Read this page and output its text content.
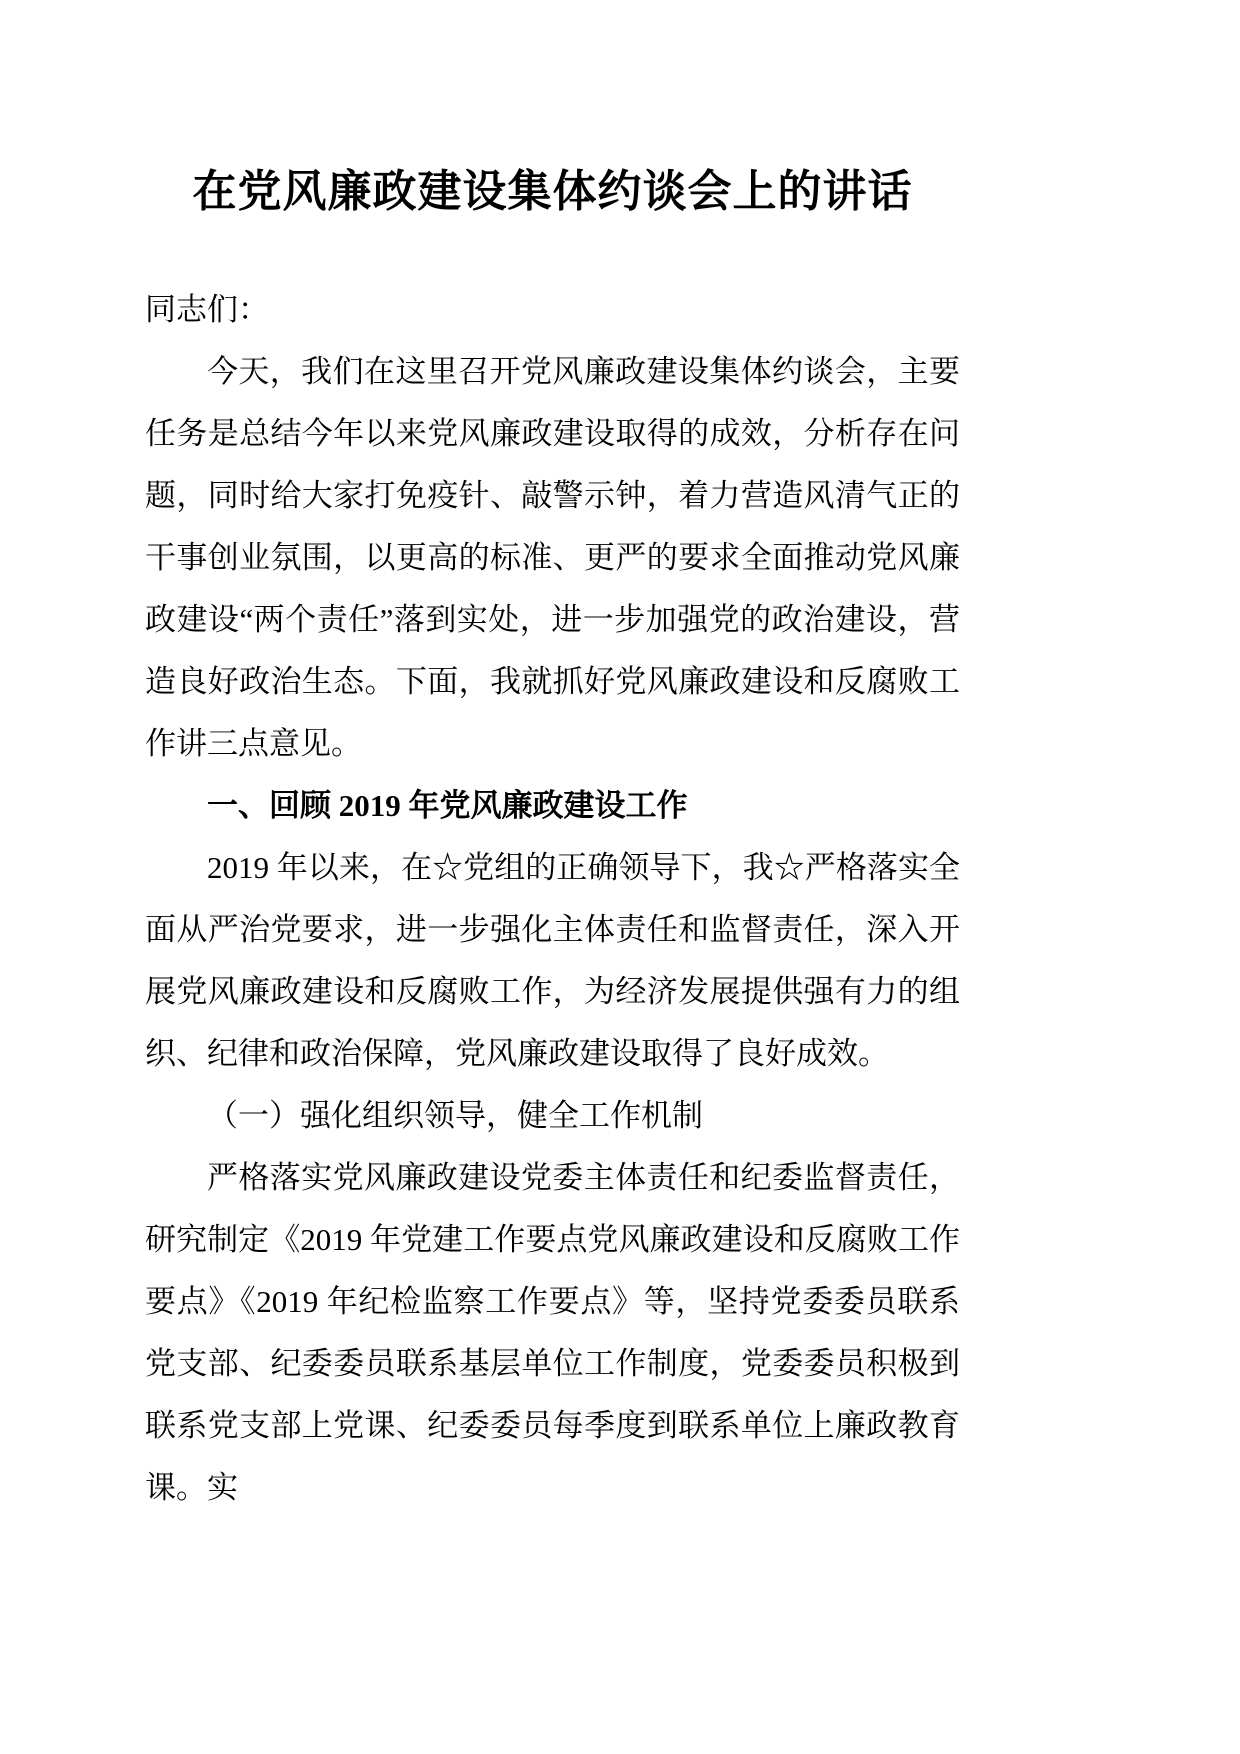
在党风廉政建设集体约谈会上的讲话

同志们：

今天，我们在这里召开党风廉政建设集体约谈会，主要任务是总结今年以来党风廉政建设取得的成效，分析存在问题，同时给大家打免疫针、敲警示钟，着力营造风清气正的干事创业氛围，以更高的标准、更严的要求全面推动党风廉政建设“两个责任”落到实处，进一步加强党的政治建设，营造良好政治生态。下面，我就抓好党风廉政建设和反腐败工作讲三点意见。

一、回顾 2019 年党风廉政建设工作

2019 年以来，在☆党组的正确领导下，我☆严格落实全面从严治党要求，进一步强化主体责任和监督责任，深入开展党风廉政建设和反腐败工作，为经济发展提供强有力的组织、纪律和政治保障，党风廉政建设取得了良好成效。

（一）强化组织领导，健全工作机制

严格落实党风廉政建设党委主体责任和纪委监督责任，研究制定《2019 年党建工作要点党风廉政建设和反腐败工作要点》《2019 年纪检监察工作要点》等，坚持党委委员联系党支部、纪委委员联系基层单位工作制度，党委委员积极到联系党支部上党课、纪委委员每季度到联系单位上廉政教育课。实
